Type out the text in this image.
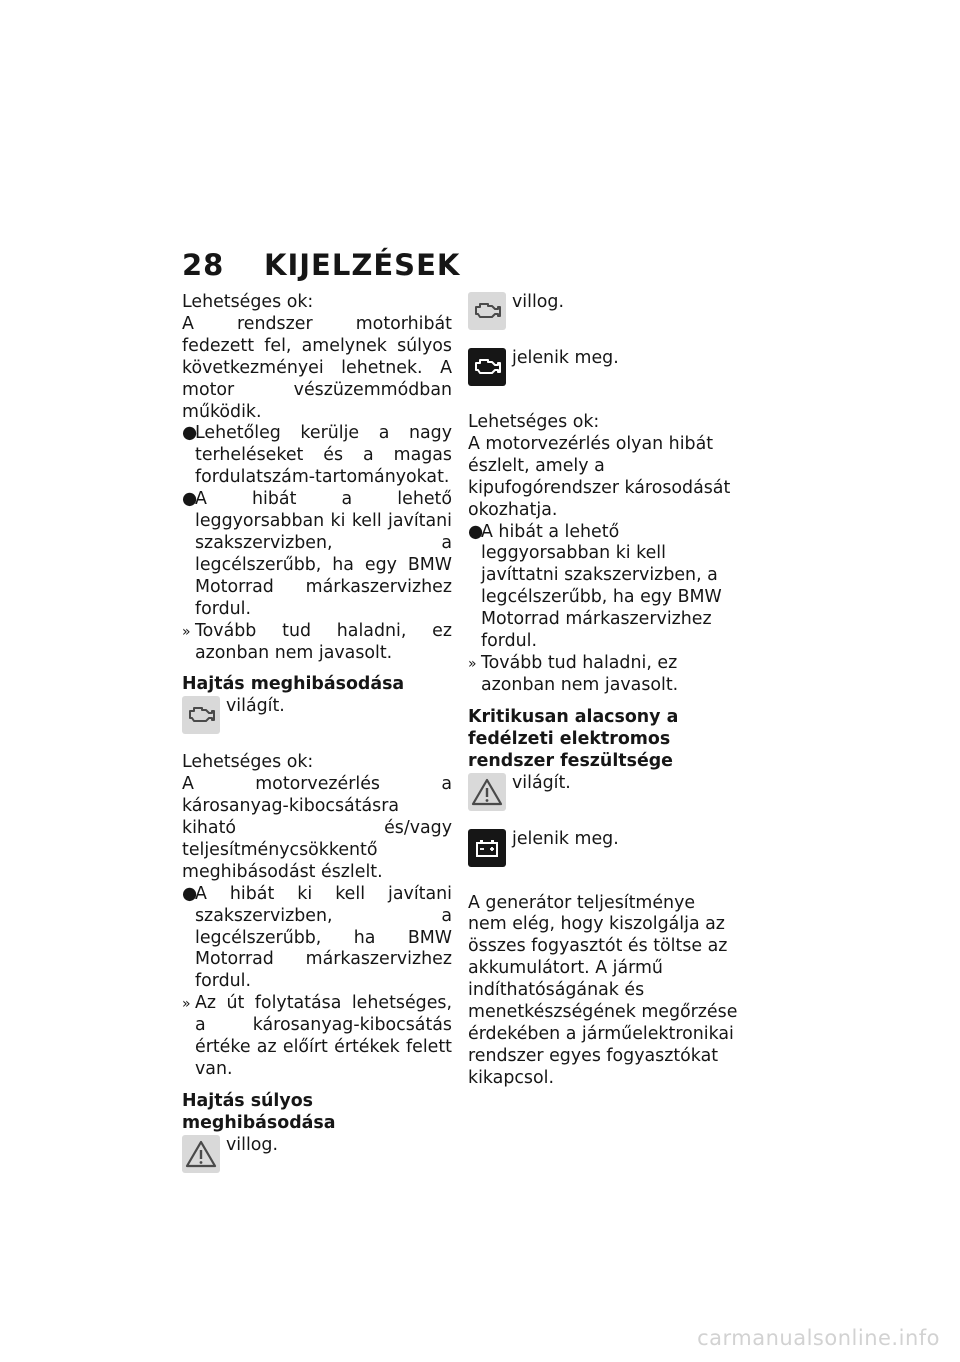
28 KIJELZÉSEK

Lehetséges ok:

A rendszer motorhibát fedezett fel, amelynek súlyos következményei lehetnek. A motor vészüzemmódban működik.

●
Lehetőleg kerülje a nagy terheléseket és a magas fordulatszám-tartományokat.
●
A hibát a lehető leggyorsabban ki kell javítani szakszervizben, a legcélszerűbb, ha egy BMW Motorrad márkaszervizhez fordul.
» Tovább tud haladni, ez azonban nem javasolt.

Hajtás meghibásodása

világít.

Lehetséges ok:

A motorvezérlés a károsanyag-kibocsátásra kiható és/vagy teljesítménycsökkentő meghibásodást észlelt.

●
A hibát ki kell javítani szakszervizben, a legcélszerűbb, ha BMW Motorrad márkaszervizhez fordul.
» Az út folytatása lehetséges, a károsanyag-kibocsátás értéke az előírt értékek felett van.

Hajtás súlyos meghibásodása

villog.
villog.
jelenik meg.

Lehetséges ok:

A motorvezérlés olyan hibát észlelt, amely a kipufogórendszer károsodását okozhatja.

●
A hibát a lehető leggyorsabban ki kell javíttatni szakszervizben, a legcélszerűbb, ha egy BMW Motorrad márkaszervizhez fordul.
» Tovább tud haladni, ez azonban nem javasolt.

Kritikusan alacsony a fedélzeti elektromos rendszer feszültsége

világít.
jelenik meg.

A generátor teljesítménye nem elég, hogy kiszolgálja az összes fogyasztót és töltse az akkumulátort. A jármű indíthatóságának és menetkészségének megőrzése érdekében a járműelektronikai rendszer egyes fogyasztókat kikapcsol.

carmanualsonline.info
